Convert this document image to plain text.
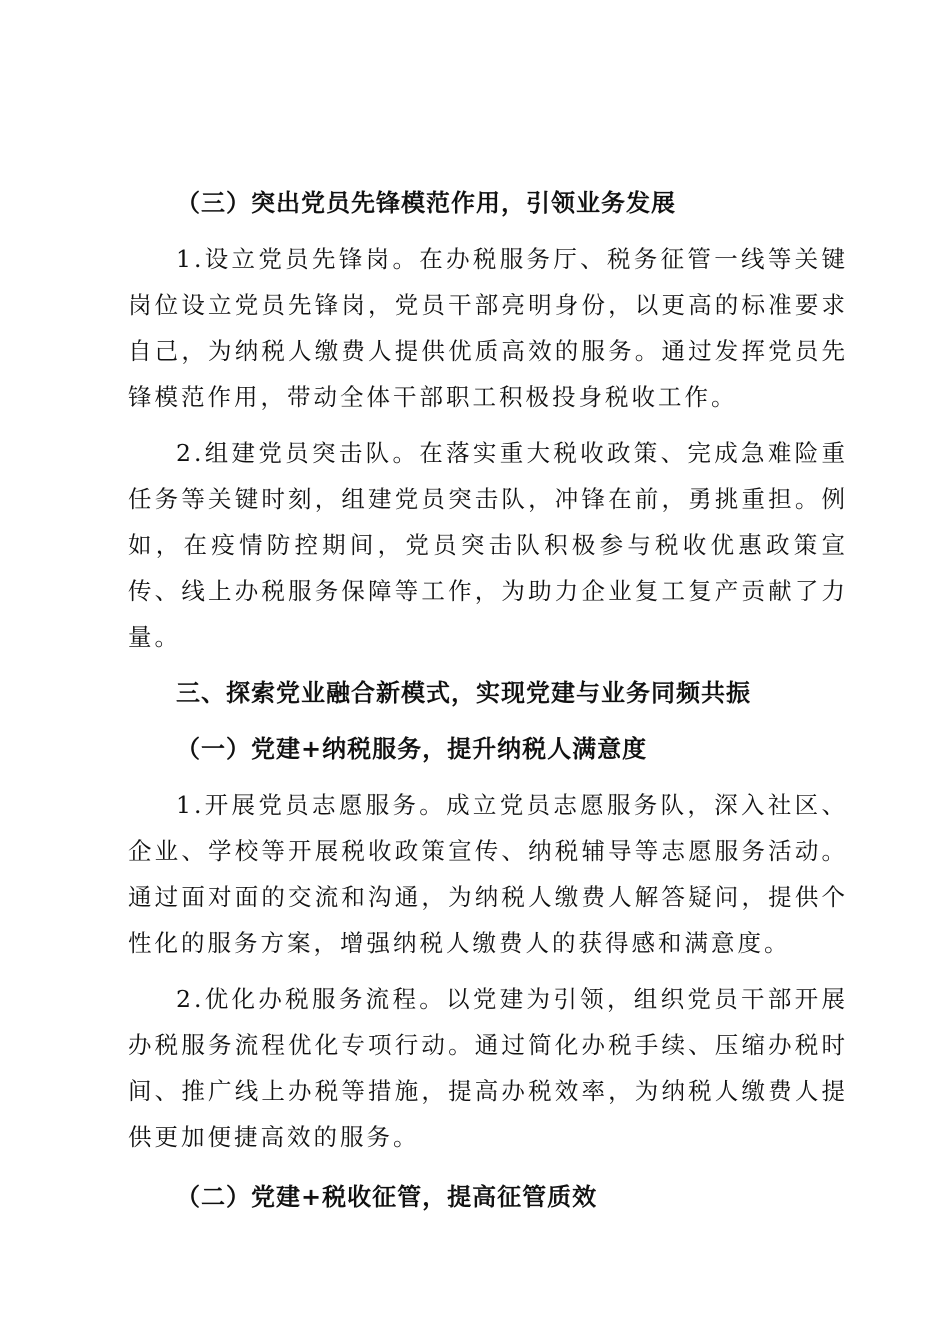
（三）突出党员先锋模范作用，引领业务发展

1.设立党员先锋岗。在办税服务厅、税务征管一线等关键岗位设立党员先锋岗，党员干部亮明身份，以更高的标准要求自己，为纳税人缴费人提供优质高效的服务。通过发挥党员先锋模范作用，带动全体干部职工积极投身税收工作。

2.组建党员突击队。在落实重大税收政策、完成急难险重任务等关键时刻，组建党员突击队，冲锋在前，勇挑重担。例如，在疫情防控期间，党员突击队积极参与税收优惠政策宣传、线上办税服务保障等工作，为助力企业复工复产贡献了力量。

三、探索党业融合新模式，实现党建与业务同频共振
（一）党建+纳税服务，提升纳税人满意度

1.开展党员志愿服务。成立党员志愿服务队，深入社区、企业、学校等开展税收政策宣传、纳税辅导等志愿服务活动。通过面对面的交流和沟通，为纳税人缴费人解答疑问，提供个性化的服务方案，增强纳税人缴费人的获得感和满意度。

2.优化办税服务流程。以党建为引领，组织党员干部开展办税服务流程优化专项行动。通过简化办税手续、压缩办税时间、推广线上办税等措施，提高办税效率，为纳税人缴费人提供更加便捷高效的服务。

（二）党建+税收征管，提高征管质效
